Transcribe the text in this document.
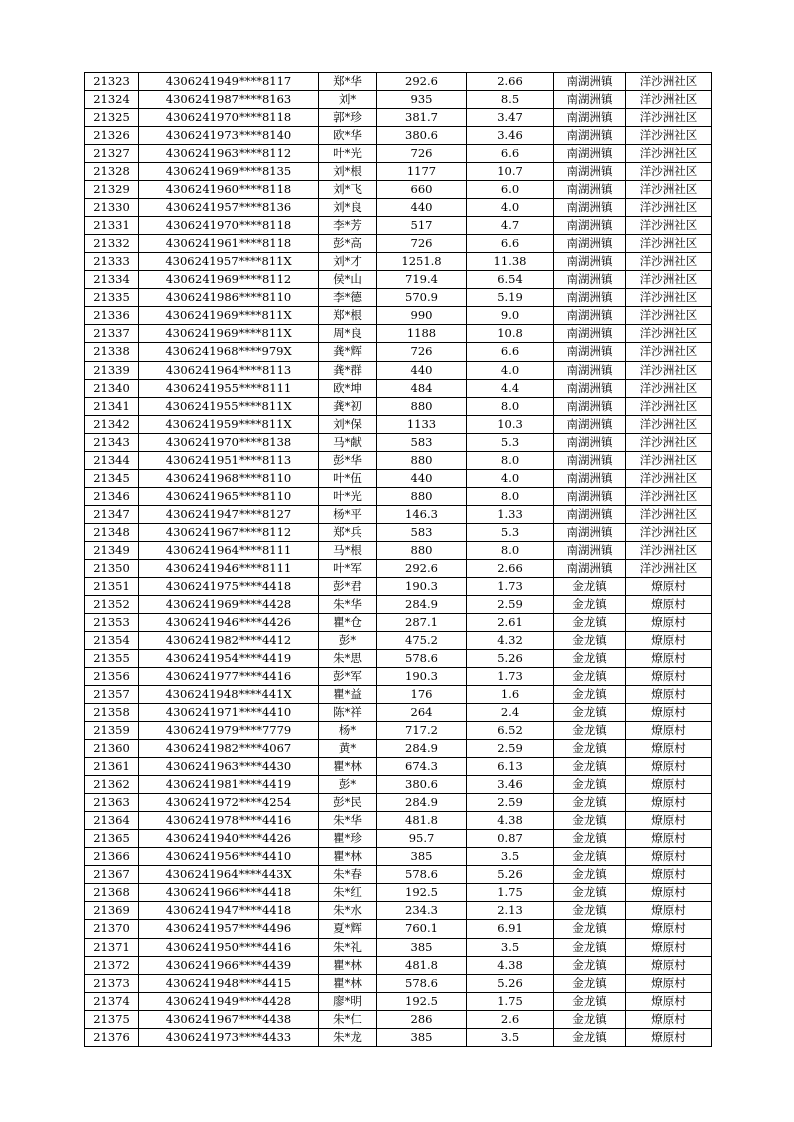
21323	4306241949****8117	郑*华	292.6	2.66	南湖洲镇	洋沙洲社区
21324	4306241987****8163	刘*	935	8.5	南湖洲镇	洋沙洲社区
21325	4306241970****8118	郭*珍	381.7	3.47	南湖洲镇	洋沙洲社区
21326	4306241973****8140	欧*华	380.6	3.46	南湖洲镇	洋沙洲社区
21327	4306241963****8112	叶*光	726	6.6	南湖洲镇	洋沙洲社区
21328	4306241969****8135	刘*根	1177	10.7	南湖洲镇	洋沙洲社区
21329	4306241960****8118	刘*飞	660	6.0	南湖洲镇	洋沙洲社区
21330	4306241957****8136	刘*良	440	4.0	南湖洲镇	洋沙洲社区
21331	4306241970****8118	李*芳	517	4.7	南湖洲镇	洋沙洲社区
21332	4306241961****8118	彭*高	726	6.6	南湖洲镇	洋沙洲社区
21333	4306241957****811X	刘*才	1251.8	11.38	南湖洲镇	洋沙洲社区
21334	4306241969****8112	侯*山	719.4	6.54	南湖洲镇	洋沙洲社区
21335	4306241986****8110	李*德	570.9	5.19	南湖洲镇	洋沙洲社区
21336	4306241969****811X	郑*根	990	9.0	南湖洲镇	洋沙洲社区
21337	4306241969****811X	周*良	1188	10.8	南湖洲镇	洋沙洲社区
21338	4306241968****979X	龚*辉	726	6.6	南湖洲镇	洋沙洲社区
21339	4306241964****8113	龚*群	440	4.0	南湖洲镇	洋沙洲社区
21340	4306241955****8111	欧*坤	484	4.4	南湖洲镇	洋沙洲社区
21341	4306241955****811X	龚*初	880	8.0	南湖洲镇	洋沙洲社区
21342	4306241959****811X	刘*保	1133	10.3	南湖洲镇	洋沙洲社区
21343	4306241970****8138	马*献	583	5.3	南湖洲镇	洋沙洲社区
21344	4306241951****8113	彭*华	880	8.0	南湖洲镇	洋沙洲社区
21345	4306241968****8110	叶*伍	440	4.0	南湖洲镇	洋沙洲社区
21346	4306241965****8110	叶*光	880	8.0	南湖洲镇	洋沙洲社区
21347	4306241947****8127	杨*平	146.3	1.33	南湖洲镇	洋沙洲社区
21348	4306241967****8112	郑*兵	583	5.3	南湖洲镇	洋沙洲社区
21349	4306241964****8111	马*根	880	8.0	南湖洲镇	洋沙洲社区
21350	4306241946****8111	叶*军	292.6	2.66	南湖洲镇	洋沙洲社区
21351	4306241975****4418	彭*君	190.3	1.73	金龙镇	燎原村
21352	4306241969****4428	朱*华	284.9	2.59	金龙镇	燎原村
21353	4306241946****4426	瞿*仓	287.1	2.61	金龙镇	燎原村
21354	4306241982****4412	彭*	475.2	4.32	金龙镇	燎原村
21355	4306241954****4419	朱*思	578.6	5.26	金龙镇	燎原村
21356	4306241977****4416	彭*军	190.3	1.73	金龙镇	燎原村
21357	4306241948****441X	瞿*益	176	1.6	金龙镇	燎原村
21358	4306241971****4410	陈*祥	264	2.4	金龙镇	燎原村
21359	4306241979****7779	杨*	717.2	6.52	金龙镇	燎原村
21360	4306241982****4067	黄*	284.9	2.59	金龙镇	燎原村
21361	4306241963****4430	瞿*林	674.3	6.13	金龙镇	燎原村
21362	4306241981****4419	彭*	380.6	3.46	金龙镇	燎原村
21363	4306241972****4254	彭*民	284.9	2.59	金龙镇	燎原村
21364	4306241978****4416	朱*华	481.8	4.38	金龙镇	燎原村
21365	4306241940****4426	瞿*珍	95.7	0.87	金龙镇	燎原村
21366	4306241956****4410	瞿*林	385	3.5	金龙镇	燎原村
21367	4306241964****443X	朱*春	578.6	5.26	金龙镇	燎原村
21368	4306241966****4418	朱*红	192.5	1.75	金龙镇	燎原村
21369	4306241947****4418	朱*水	234.3	2.13	金龙镇	燎原村
21370	4306241957****4496	夏*辉	760.1	6.91	金龙镇	燎原村
21371	4306241950****4416	朱*礼	385	3.5	金龙镇	燎原村
21372	4306241966****4439	瞿*林	481.8	4.38	金龙镇	燎原村
21373	4306241948****4415	瞿*林	578.6	5.26	金龙镇	燎原村
21374	4306241949****4428	廖*明	192.5	1.75	金龙镇	燎原村
21375	4306241967****4438	朱*仁	286	2.6	金龙镇	燎原村
21376	4306241973****4433	朱*龙	385	3.5	金龙镇	燎原村
